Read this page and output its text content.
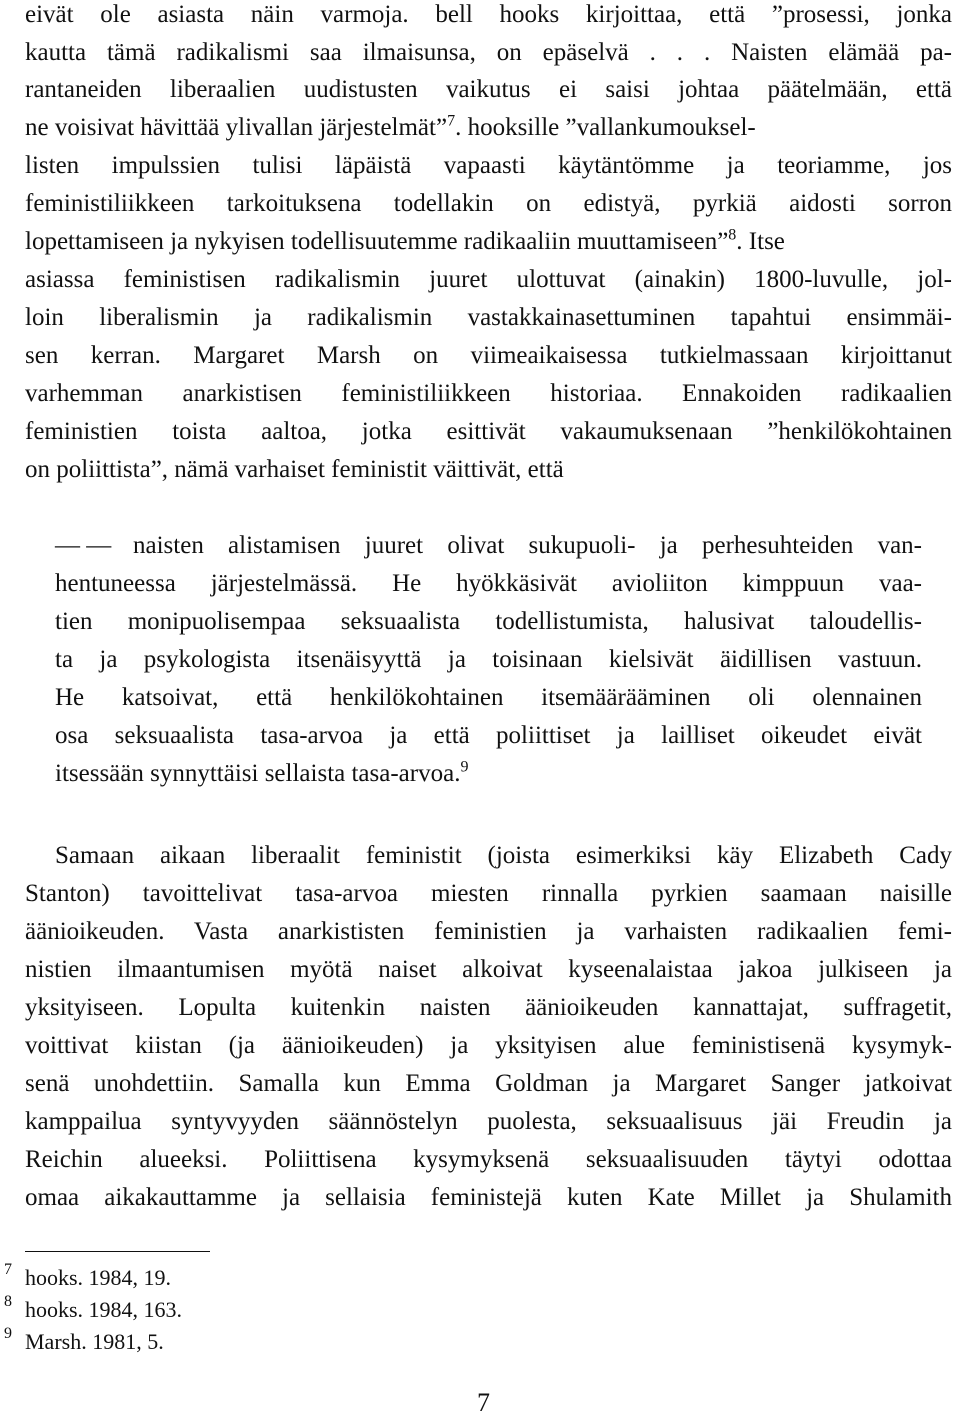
eivät ole asiasta näin varmoja. bell hooks kirjoittaa, että ”prosessi, jonka
kautta tämä radikalismi saa ilmaisunsa, on epäselvä . . . Naisten elämää pa-
rantaneiden liberaalien uudistusten vaikutus ei saisi johtaa päätelmään, että
ne voisivat hävittää ylivallan järjestelmät”$^7$. hooksille ”vallankumouksel-
listen impulssien tulisi läpäistä vapaasti käytäntömme ja teoriamme, jos
feministiliikkeen tarkoituksena todellakin on edistyä, pyrkiä aidosti sorron
lopettamiseen ja nykyisen todellisuutemme radikaaliin muuttamiseen”$^8$. Itse
asiassa feministisen radikalismin juuret ulottuvat (ainakin) 1800-luvulle, jol-
loin liberalismin ja radikalismin vastakkainasettuminen tapahtui ensimmäi-
sen kerran. Margaret Marsh on viimeaikaisessa tutkielmassaan kirjoittanut
varhemman anarkistisen feministiliikkeen historiaa. Ennakoiden radikaalien
feministien toista aaltoa, jotka esittivät vakaumuksenaan ”henkilökohtainen
on poliittista”, nämä varhaiset feministit väittivät, että
— — naisten alistamisen juuret olivat sukupuoli- ja perhesuhteiden van-
hentuneessa järjestelmässä. He hyökkäsivät avioliiton kimppuun vaa-
tien monipuolisempaa seksuaalista todellistumista, halusivat taloudellis-
ta ja psykologista itsenäisyyttä ja toisinaan kielsivät äidillisen vastuun.
He katsoivat, että henkilökohtainen itsemäärääminen oli olennainen
osa seksuaalista tasa-arvoa ja että poliittiset ja lailliset oikeudet eivät
itsessään synnyttäisi sellaista tasa-arvoa.$^9$
Samaan aikaan liberaalit feministit (joista esimerkiksi käy Elizabeth Cady
Stanton) tavoittelivat tasa-arvoa miesten rinnalla pyrkien saamaan naisille
äänioikeuden. Vasta anarkististen feministien ja varhaisten radikaalien femi-
nistien ilmaantumisen myötä naiset alkoivat kyseenalaistaa jakoa julkiseen ja
yksityiseen. Lopulta kuitenkin naisten äänioikeuden kannattajat, suffragetit,
voittivat kiistan (ja äänioikeuden) ja yksityisen alue feministisenä kysymyk-
senä unohdettiin. Samalla kun Emma Goldman ja Margaret Sanger jatkoivat
kamppailua syntyvyyden säännöstelyn puolesta, seksuaalisuus jäi Freudin ja
Reichin alueeksi. Poliittisena kysymyksenä seksuaalisuuden täytyi odottaa
omaa aikakauttamme ja sellaisia feministejä kuten Kate Millet ja Shulamith
7 hooks. 1984, 19.
8 hooks. 1984, 163.
9 Marsh. 1981, 5.
7
